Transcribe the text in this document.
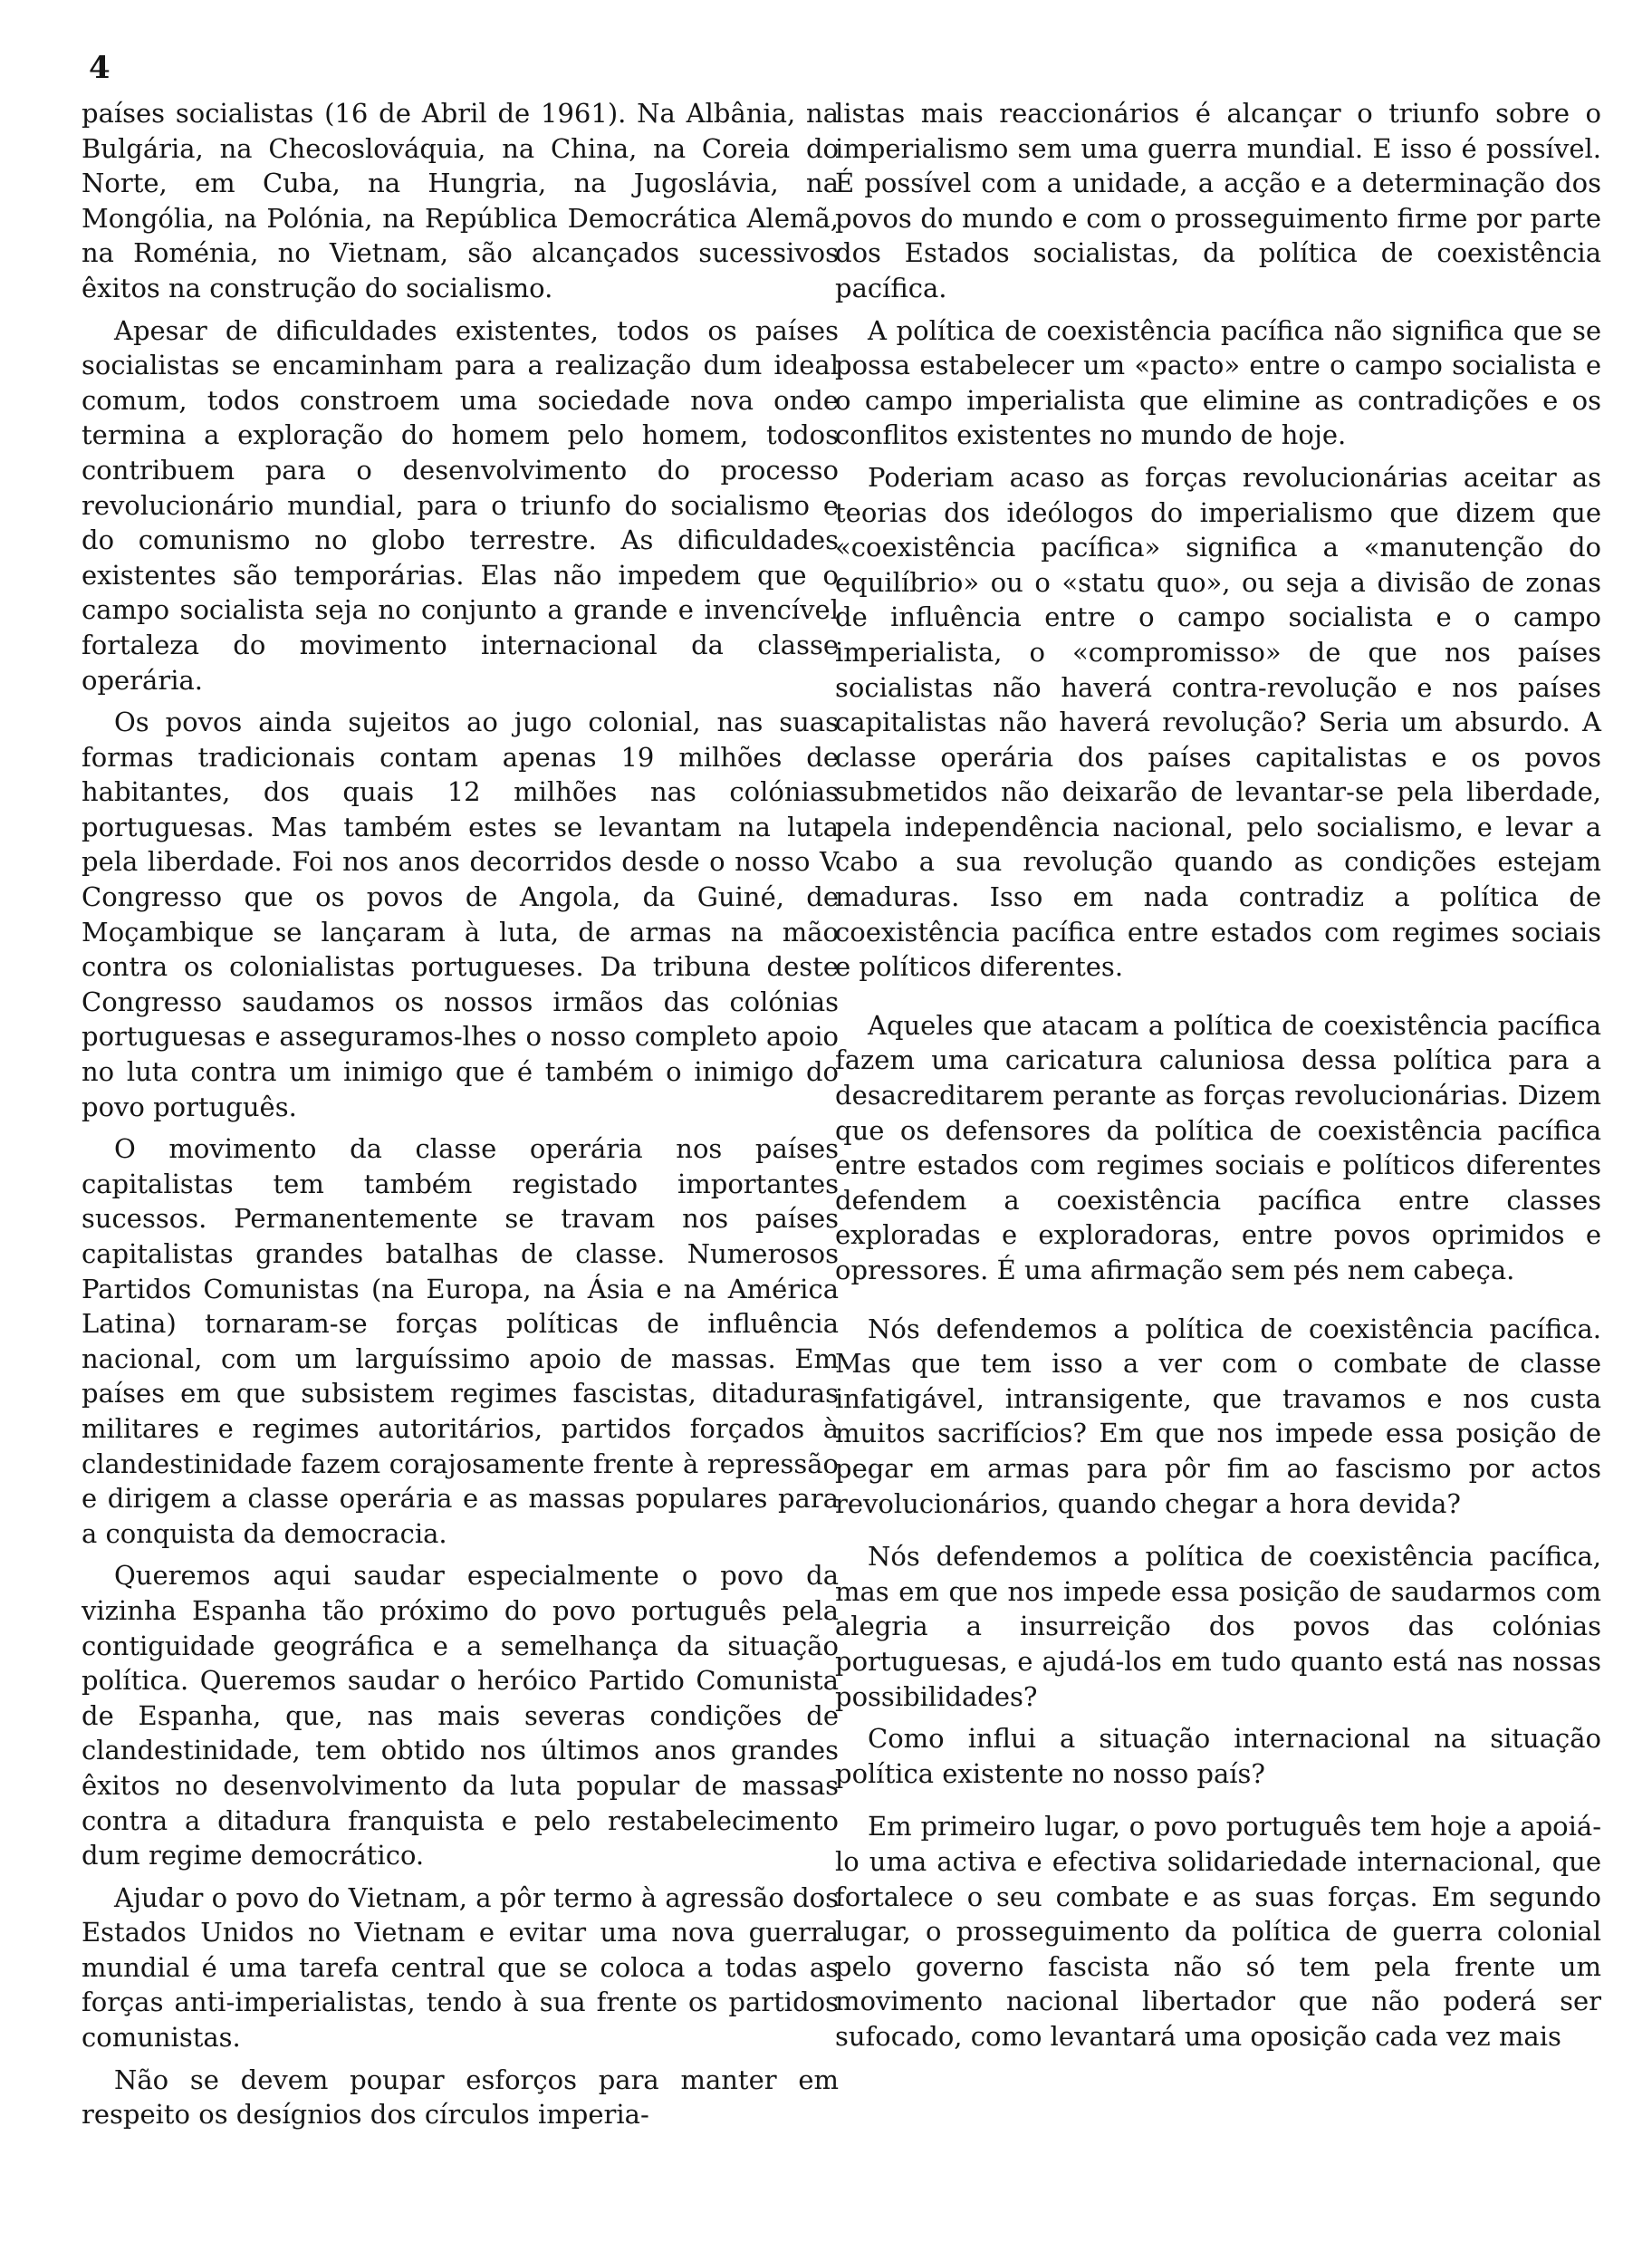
4

países socialistas (16 de Abril de 1961). Na Albânia, na Bulgária, na Checoslováquia, na China, na Coreia do Norte, em Cuba, na Hungria, na Jugoslávia, na Mongólia, na Polónia, na República Democrática Alemã, na Roménia, no Vietnam, são alcançados sucessivos êxitos na construção do socialismo.

Apesar de dificuldades existentes, todos os países socialistas se encaminham para a realização dum ideal comum, todos constroem uma sociedade nova onde termina a exploração do homem pelo homem, todos contribuem para o desenvolvimento do processo revolucionário mundial, para o triunfo do socialismo e do comunismo no globo terrestre. As dificuldades existentes são temporárias. Elas não impedem que o campo socialista seja no conjunto a grande e invencível fortaleza do movimento internacional da classe operária.

Os povos ainda sujeitos ao jugo colonial, nas suas formas tradicionais contam apenas 19 milhões de habitantes, dos quais 12 milhões nas colónias portuguesas. Mas também estes se levantam na luta pela liberdade. Foi nos anos decorridos desde o nosso V Congresso que os povos de Angola, da Guiné, de Moçambique se lançaram à luta, de armas na mão contra os colonialistas portugueses. Da tribuna deste Congresso saudamos os nossos irmãos das colónias portuguesas e asseguramos-lhes o nosso completo apoio no luta contra um inimigo que é também o inimigo do povo português.

O movimento da classe operária nos países capitalistas tem também registado importantes sucessos. Permanentemente se travam nos países capitalistas grandes batalhas de classe. Numerosos Partidos Comunistas (na Europa, na Ásia e na América Latina) tornaram-se forças políticas de influência nacional, com um larguíssimo apoio de massas. Em países em que subsistem regimes fascistas, ditaduras militares e regimes autoritários, partidos forçados à clandestinidade fazem corajosamente frente à repressão e dirigem a classe operária e as massas populares para a conquista da democracia.

Queremos aqui saudar especialmente o povo da vizinha Espanha tão próximo do povo português pela contiguidade geográfica e a semelhança da situação política. Queremos saudar o heróico Partido Comunista de Espanha, que, nas mais severas condições de clandestinidade, tem obtido nos últimos anos grandes êxitos no desenvolvimento da luta popular de massas contra a ditadura franquista e pelo restabelecimento dum regime democrático.

Ajudar o povo do Vietnam, a pôr termo à agressão dos Estados Unidos no Vietnam e evitar uma nova guerra mundial é uma tarefa central que se coloca a todas as forças anti-imperialistas, tendo à sua frente os partidos comunistas.

Não se devem poupar esforços para manter em respeito os desígnios dos círculos imperia-

listas mais reaccionários é alcançar o triunfo sobre o imperialismo sem uma guerra mundial. E isso é possível. É possível com a unidade, a acção e a determinação dos povos do mundo e com o prosseguimento firme por parte dos Estados socialistas, da política de coexistência pacífica.

A política de coexistência pacífica não significa que se possa estabelecer um «pacto» entre o campo socialista e o campo imperialista que elimine as contradições e os conflitos existentes no mundo de hoje.

Poderiam acaso as forças revolucionárias aceitar as teorias dos ideólogos do imperialismo que dizem que «coexistência pacífica» significa a «manutenção do equilíbrio» ou o «statu quo», ou seja a divisão de zonas de influência entre o campo socialista e o campo imperialista, o «compromisso» de que nos países socialistas não haverá contra-revolução e nos países capitalistas não haverá revolução? Seria um absurdo. A classe operária dos países capitalistas e os povos submetidos não deixarão de levantar-se pela liberdade, pela independência nacional, pelo socialismo, e levar a cabo a sua revolução quando as condições estejam maduras. Isso em nada contradiz a política de coexistência pacífica entre estados com regimes sociais e políticos diferentes.

Aqueles que atacam a política de coexistência pacífica fazem uma caricatura caluniosa dessa política para a desacreditarem perante as forças revolucionárias. Dizem que os defensores da política de coexistência pacífica entre estados com regimes sociais e políticos diferentes defendem a coexistência pacífica entre classes exploradas e exploradoras, entre povos oprimidos e opressores. É uma afirmação sem pés nem cabeça.

Nós defendemos a política de coexistência pacífica. Mas que tem isso a ver com o combate de classe infatigável, intransigente, que travamos e nos custa muitos sacrifícios? Em que nos impede essa posição de pegar em armas para pôr fim ao fascismo por actos revolucionários, quando chegar a hora devida?

Nós defendemos a política de coexistência pacífica, mas em que nos impede essa posição de saudarmos com alegria a insurreição dos povos das colónias portuguesas, e ajudá-los em tudo quanto está nas nossas possibilidades?

Como influi a situação internacional na situação política existente no nosso país?

Em primeiro lugar, o povo português tem hoje a apoiá-lo uma activa e efectiva solidariedade internacional, que fortalece o seu combate e as suas forças. Em segundo lugar, o prosseguimento da política de guerra colonial pelo governo fascista não só tem pela frente um movimento nacional libertador que não poderá ser sufocado, como levantará uma oposição cada vez mais
